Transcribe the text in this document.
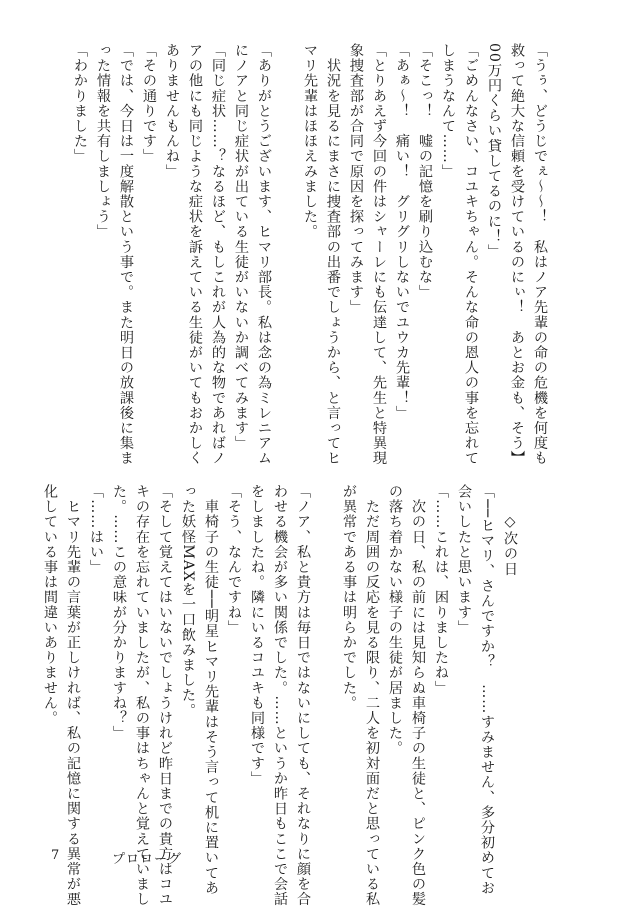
「うぅ、どうじでぇ〜〜！　私はノア先輩の命の危機を何度も
救って絶大な信頼を受けているのにぃ！　あとお金も、そう】
00万円くらい貸してるのに！」
「ごめんなさい、コユキちゃん。そんな命の恩人の事を忘れて
しまうなんて……」
「そこっ！　嘘の記憶を刷り込むな」
「あぁ〜！　痛い！　グリグリしないでユウカ先輩！」
「とりあえず今回の件はシャーレにも伝達して、先生と特異現
象捜査部が合同で原因を探ってみます」
　状況を見るにまさに捜査部の出番でしょうから、と言ってヒ
マリ先輩はほほえみました。

「ありがとうございます、ヒマリ部長。私は念の為ミレニアム
にノアと同じ症状が出ている生徒がいないか調べてみます」
「同じ症状……？なるほど、もしこれが人為的な物であればノ
アの他にも同じような症状を訴えている生徒がいてもおかしく
ありませんもんね」
「その通りです」
「では、今日は一度解散という事で。また明日の放課後に集ま
った情報を共有しましょう」
「わかりました」
　　◇次の日
「──ヒマリ、さんですか？　……すみません、多分初めてお
会いしたと思います」
「……これは、困りましたね」
　次の日、私の前には見知らぬ車椅子の生徒と、ピンク色の髪
の落ち着かない様子の生徒が居ました。
　ただ周囲の反応を見る限り、二人を初対面だと思っている私
が異常である事は明らかでした。

「ノア、私と貴方は毎日ではないにしても、それなりに顔を合
わせる機会が多い関係でした。……というか昨日もここで会話
をしましたね。隣にいるコユキも同様です」
「そう、なんですね」
　車椅子の生徒──明星ヒマリ先輩はそう言って机に置いてあ
った妖怪MAXを一口飲みました。
「そして覚えてはいないでしょうけれど昨日までの貴方はコユ
キの存在を忘れていましたが、私の事はちゃんと覚えていまし
た。……この意味が分かりますね？」
「……はい」
　ヒマリ先輩の言葉が正しければ、私の記憶に関する異常が悪
化している事は間違いありません。
7	プロローグ
